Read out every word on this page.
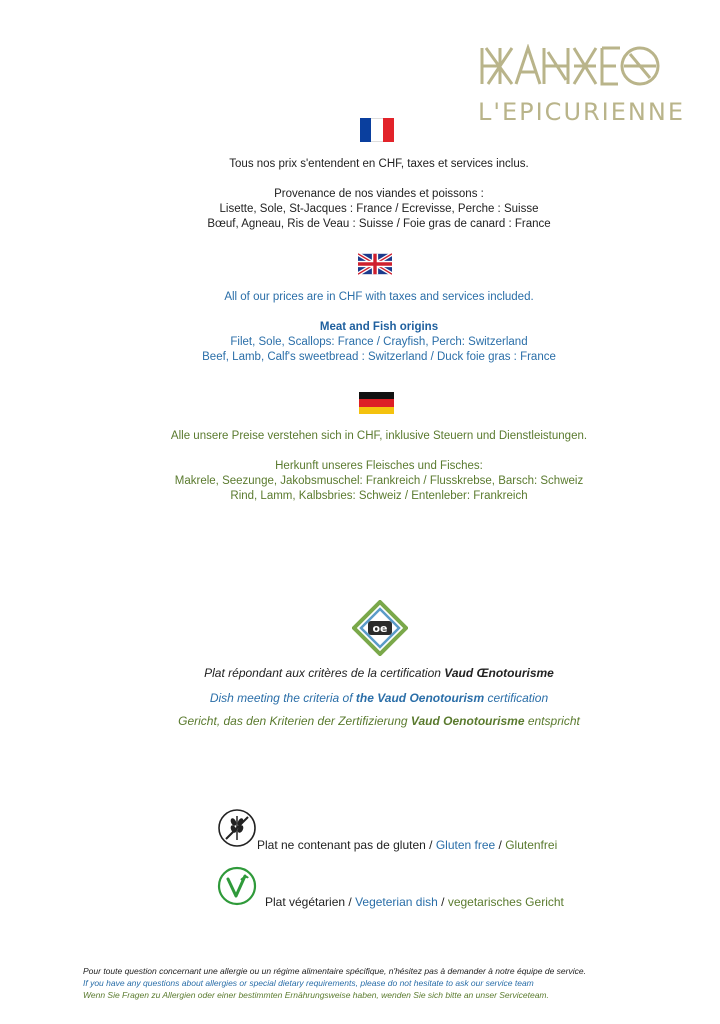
L'EPICURIENNE
Tous nos prix s'entendent en CHF, taxes et services inclus.
Provenance de nos viandes et poissons :
Lisette, Sole, St-Jacques : France / Ecrevisse, Perche : Suisse
Bœuf, Agneau, Ris de Veau : Suisse / Foie gras de canard : France
All of our prices are in CHF with taxes and services included.
Meat and Fish origins
Filet, Sole, Scallops: France / Crayfish, Perch: Switzerland
Beef, Lamb, Calf's sweetbread : Switzerland / Duck foie gras : France
Alle unsere Preise verstehen sich in CHF, inklusive Steuern und Dienstleistungen.
Herkunft unseres Fleisches und Fisches:
Makrele, Seezunge, Jakobsmuschel: Frankreich / Flusskrebse, Barsch: Schweiz
Rind, Lamm, Kalbsbries: Schweiz / Entenleber: Frankreich
oe
Plat répondant aux critères de la certification Vaud Œnotourisme
Dish meeting the criteria of the Vaud Oenotourism certification
Gericht, das den Kriterien der Zertifizierung Vaud Oenotourisme entspricht
Plat ne contenant pas de gluten / Gluten free / Glutenfrei
Plat végétarien / Vegeterian dish / vegetarisches Gericht
Pour toute question concernant une allergie ou un régime alimentaire spécifique, n'hésitez pas à demander à notre équipe de service.
If you have any questions about allergies or special dietary requirements, please do not hesitate to ask our service team
Wenn Sie Fragen zu Allergien oder einer bestimmten Ernährungsweise haben, wenden Sie sich bitte an unser Serviceteam.
